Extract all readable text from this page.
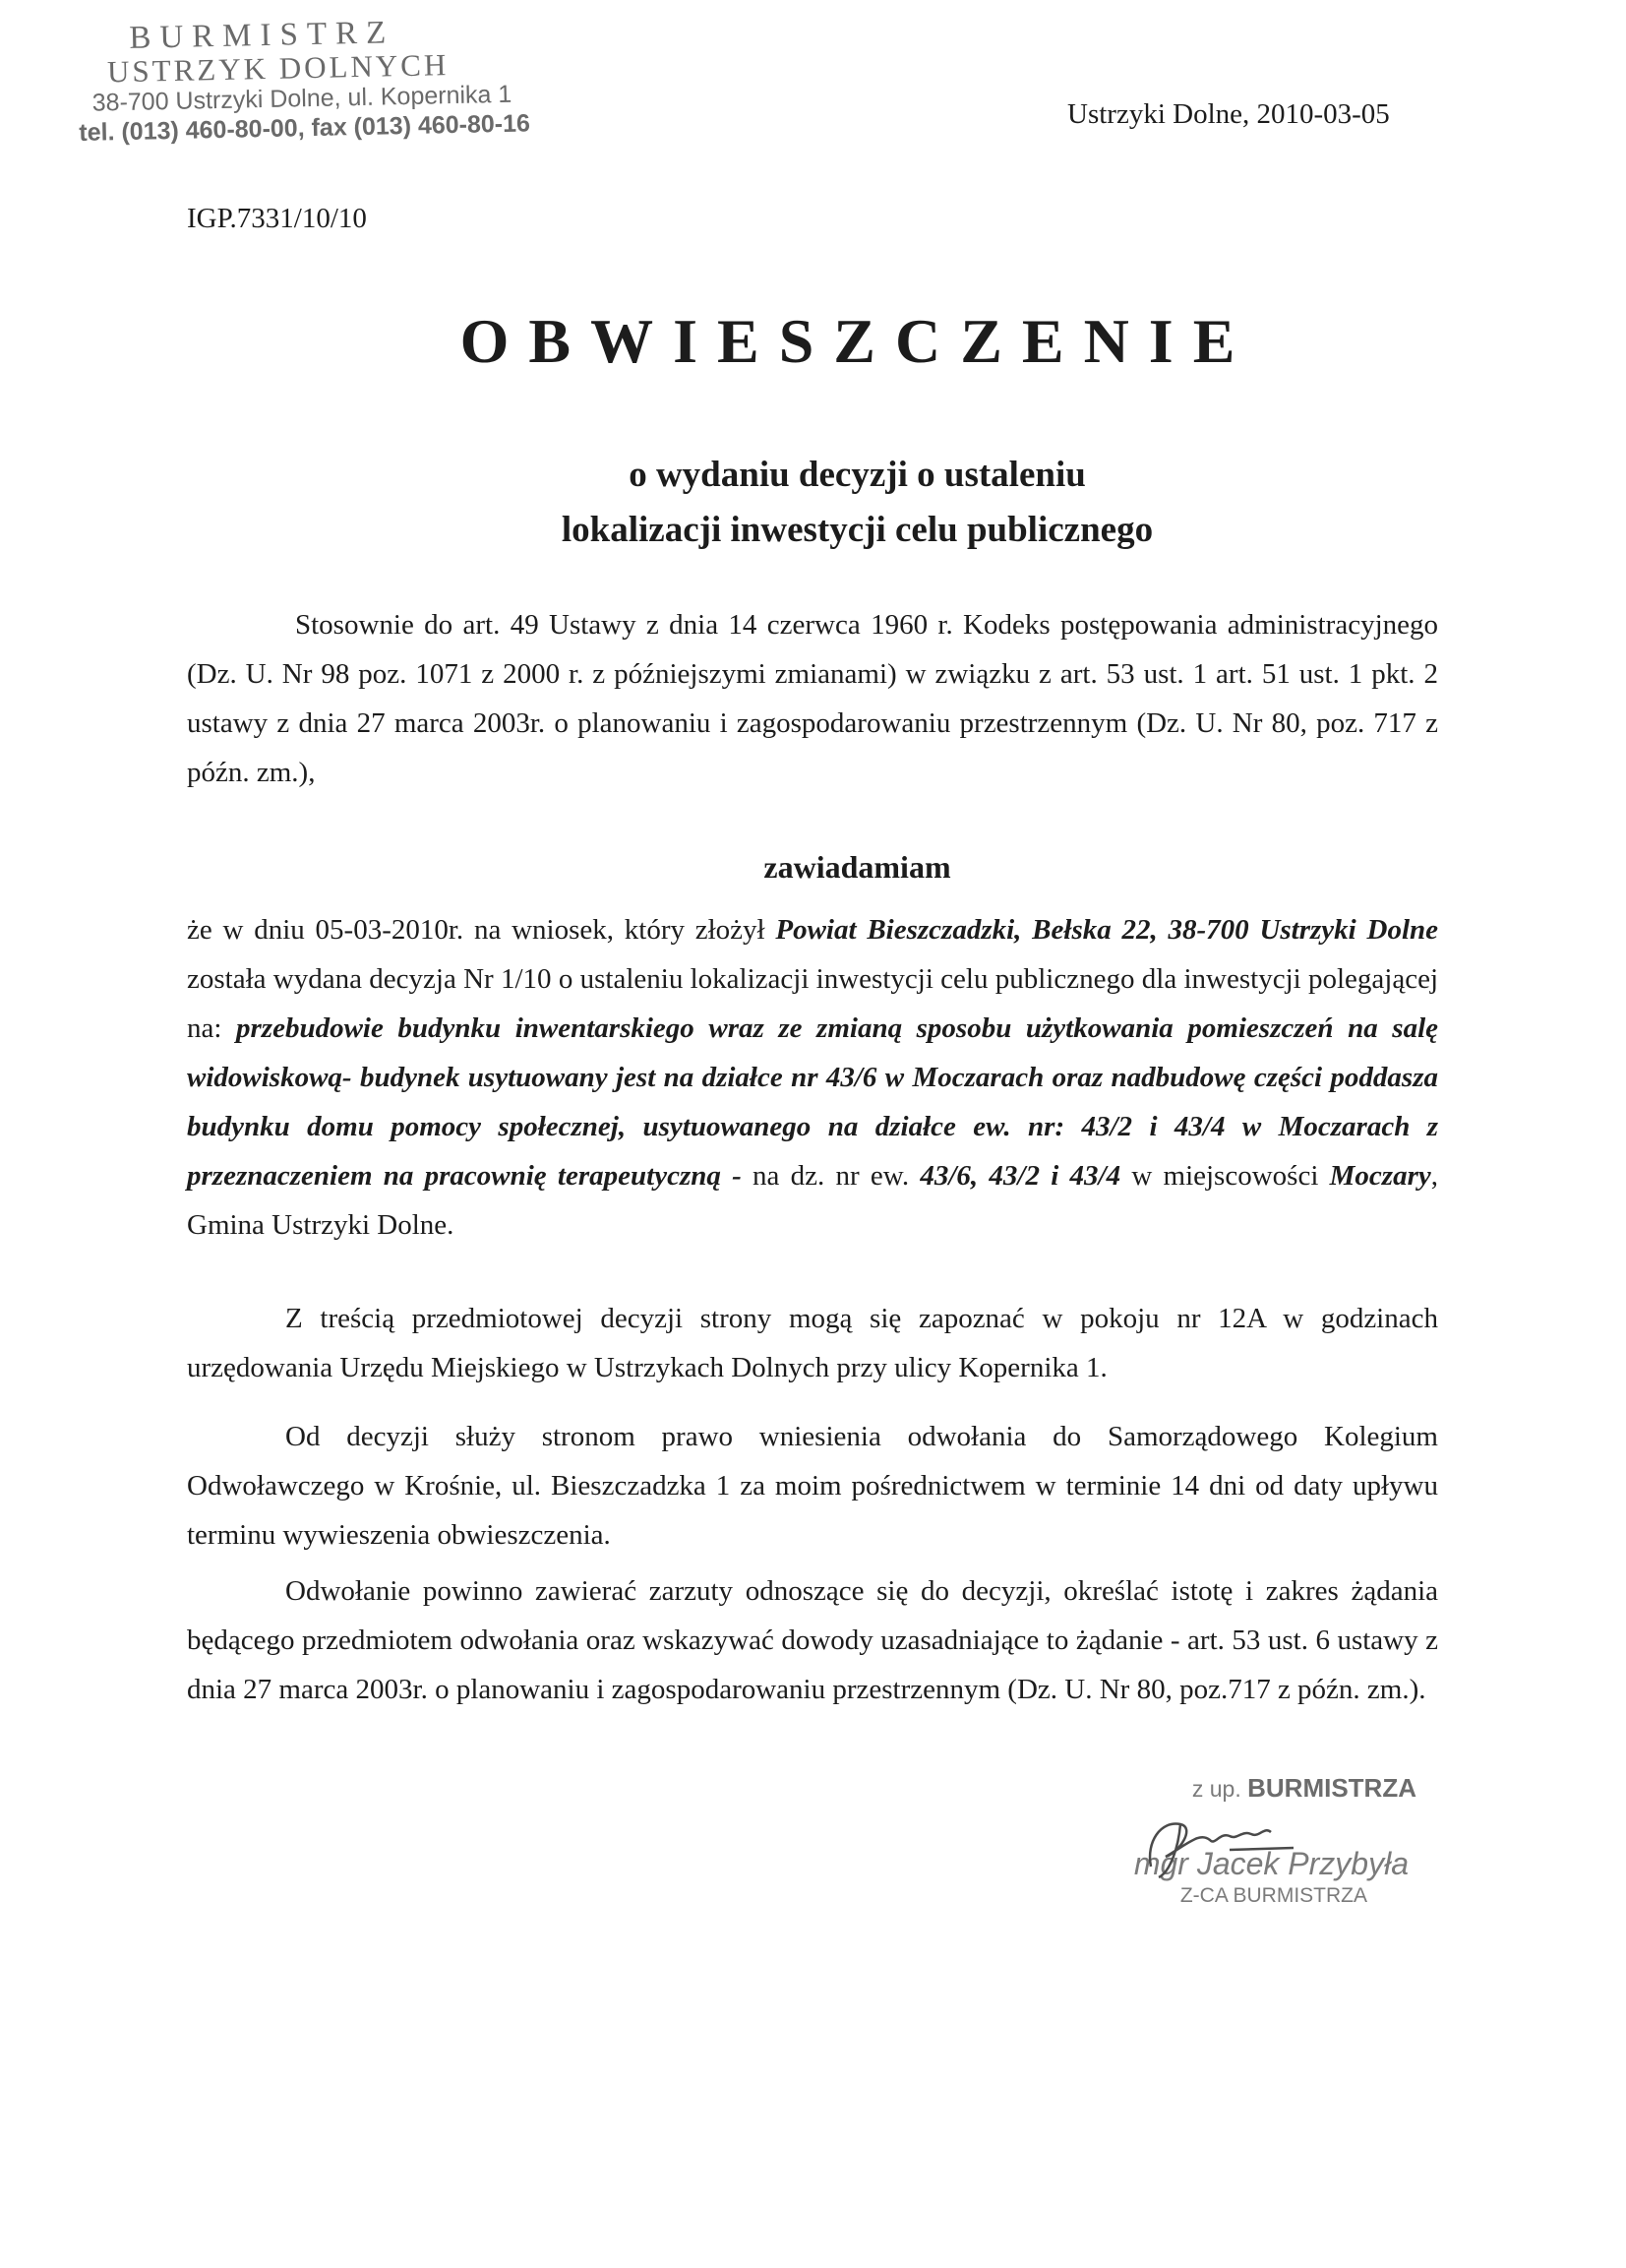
BURMISTRZ
USTRZYK DOLNYCH
38-700 Ustrzyki Dolne, ul. Kopernika 1
tel. (013) 460-80-00, fax (013) 460-80-16	Ustrzyki Dolne, 2010-03-05
IGP.7331/10/10
OBWIESZCZENIE
o wydaniu decyzji o ustaleniu
lokalizacji inwestycji celu publicznego
Stosownie do art. 49 Ustawy z dnia 14 czerwca 1960 r. Kodeks postępowania administracyjnego (Dz. U. Nr 98 poz. 1071 z 2000 r. z późniejszymi zmianami) w związku z art. 53 ust. 1 art. 51 ust. 1 pkt. 2 ustawy z dnia 27 marca 2003r. o planowaniu i zagospodarowaniu przestrzennym (Dz. U. Nr 80, poz. 717 z późn. zm.),
zawiadamiam
że w dniu 05-03-2010r. na wniosek, który złożył Powiat Bieszczadzki, Bełska 22, 38-700 Ustrzyki Dolne została wydana decyzja Nr 1/10 o ustaleniu lokalizacji inwestycji celu publicznego dla inwestycji polegającej na: przebudowie budynku inwentarskiego wraz ze zmianą sposobu użytkowania pomieszczeń na salę widowiskową- budynek usytuowany jest na działce nr 43/6 w Moczarach oraz nadbudowę części poddasza budynku domu pomocy społecznej, usytuowanego na działce ew. nr: 43/2 i 43/4 w Moczarach z przeznaczeniem na pracownię terapeutyczną - na dz. nr ew. 43/6, 43/2 i 43/4 w miejscowości Moczary, Gmina Ustrzyki Dolne.
Z treścią przedmiotowej decyzji strony mogą się zapoznać w pokoju nr 12A w godzinach urzędowania Urzędu Miejskiego w Ustrzykach Dolnych przy ulicy Kopernika 1.
Od decyzji służy stronom prawo wniesienia odwołania do Samorządowego Kolegium Odwoławczego w Krośnie, ul. Bieszczadzka 1 za moim pośrednictwem w terminie 14 dni od daty upływu terminu wywieszenia obwieszczenia.
Odwołanie powinno zawierać zarzuty odnoszące się do decyzji, określać istotę i zakres żądania będącego przedmiotem odwołania oraz wskazywać dowody uzasadniające to żądanie - art. 53 ust. 6 ustawy z dnia 27 marca 2003r. o planowaniu i zagospodarowaniu przestrzennym (Dz. U. Nr 80, poz.717 z późn. zm.).
z up. BURMISTRZA
mgr Jacek Przybyła
Z-CA BURMISTRZA
